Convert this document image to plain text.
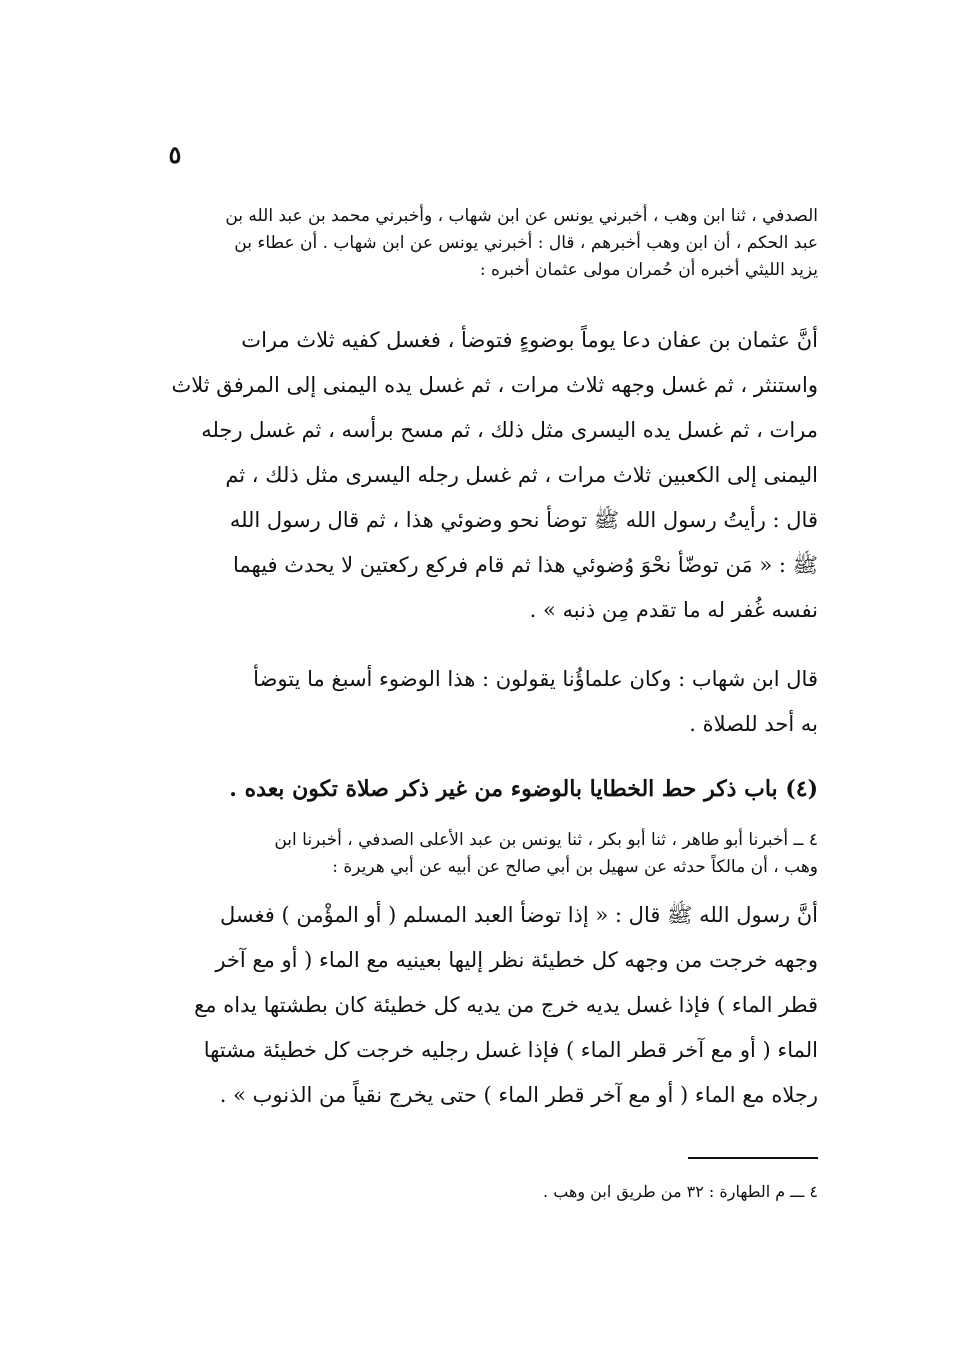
٥

الصدفي ، ثنا ابن وهب ، أخبرني يونس عن ابن شهاب ، وأخبرني محمد بن عبد الله بن

عبد الحكم ، أن ابن وهب أخبرهم ، قال : أخبرني يونس عن ابن شهاب . أن عطاء بن

يزيد الليثي أخبره أن حُمران مولى عثمان أخبره :

أنَّ عثمان بن عفان دعا يوماً بوضوءٍ فتوضأ ، فغسل كفيه ثلاث مرات

واستنثر ، ثم غسل وجهه ثلاث مرات ، ثم غسل يده اليمنى إلى المرفق ثلاث

مرات ، ثم غسل يده اليسرى مثل ذلك ، ثم مسح برأسه ، ثم غسل رجله

اليمنى إلى الكعبين ثلاث مرات ، ثم غسل رجله اليسرى مثل ذلك ، ثم

قال : رأيتُ رسول الله ﷺ توضأ نحو وضوئي هذا ، ثم قال رسول الله

ﷺ : « مَن توضّأ نحْوَ وُضوئي هذا ثم قام فركع ركعتين لا يحدث فيهما

نفسه غُفر له ما تقدم مِن ذنبه » .

قال ابن شهاب : وكان علماؤُنا يقولون : هذا الوضوء أسبغ ما يتوضأ

به أحد للصلاة .

(٤) باب ذكر حط الخطايا بالوضوء من غير ذكر صلاة تكون بعده .

٤ ــ أخبرنا أبو طاهر ، ثنا أبو بكر ، ثنا يونس بن عبد الأعلى الصدفي ، أخبرنا ابن

وهب ، أن مالكاً حدثه عن سهيل بن أبي صالح عن أبيه عن أبي هريرة :

أنَّ رسول الله ﷺ قال : « إذا توضأ العبد المسلم ( أو المؤْمن ) فغسل

وجهه خرجت من وجهه كل خطيئة نظر إليها بعينيه مع الماء ( أو مع آخر

قطر الماء ) فإذا غسل يديه خرج من يديه كل خطيئة كان بطشتها يداه مع

الماء ( أو مع آخر قطر الماء ) فإذا غسل رجليه خرجت كل خطيئة مشتها

رجلاه مع الماء ( أو مع آخر قطر الماء ) حتى يخرج نقياً من الذنوب » .

٤ ـــ م الطهارة : ٣٢ من طريق ابن وهب .
